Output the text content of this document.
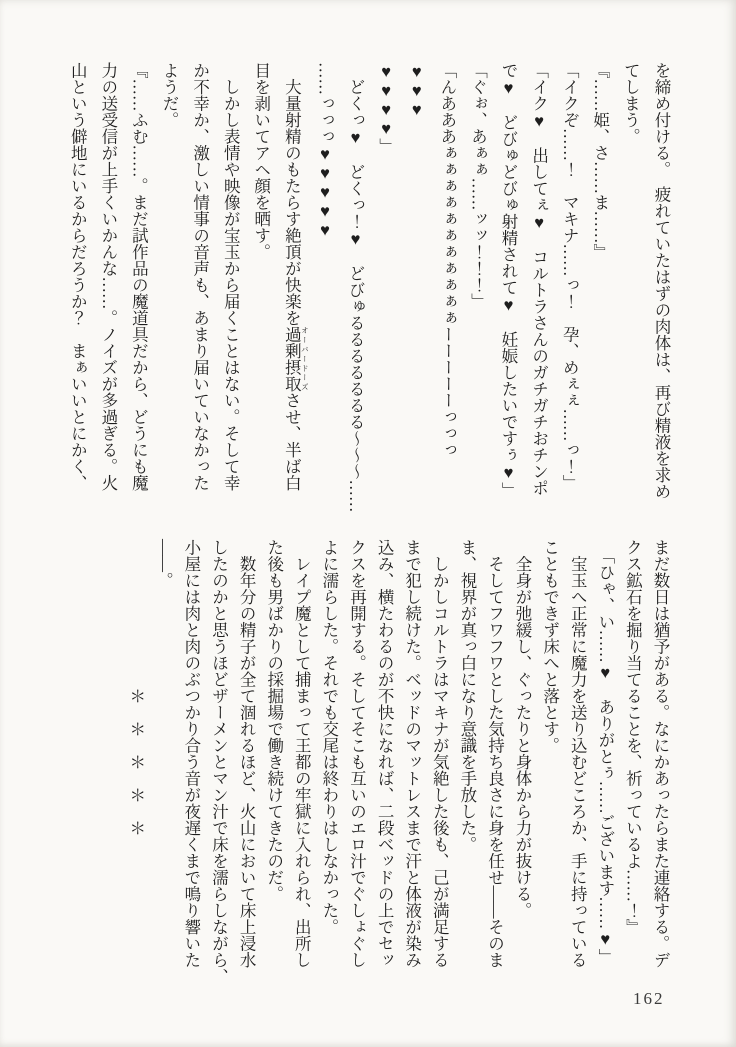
を締め付ける。　疲れていたはずの肉体は、再び精液を求め

てしまう。

『……姫、さ……ま……』

「イクぞ……！　マキナ……っ！　孕、めぇぇ……っ！」

「イク♥　出してぇ♥　コルトラさんのガチガチおチンポ

で♥　どびゅどびゅ射精されて♥　妊娠したいですぅ♥」

「ぐぉ、あぁぁ……ッッ！！！」

「んあああぁぁぁぁぁぁぁぁぁぁぁーーーーーっっっ♥♥♥

♥♥♥♥」

　どくっ♥　どくっ！♥　どびゅるるるるるるる〜〜〜……

……っっっ♥♥♥♥♥

　大量射精のもたらす絶頂が快楽を過剰摂取 オーバードーズさせ、半ば白

目を剥いてアヘ顔を晒す。

　しかし表情や映像が宝玉から届くことはない。そして幸

か不幸か、激しい情事の音声も、あまり届いていなかった

ようだ。

『……ふむ……。まだ試作品の魔道具だから、どうにも魔

力の送受信が上手くいかんな……。ノイズが多過ぎる。火

山という僻地にいるからだろうか？　まぁいいとにかく、

まだ数日は猶予がある。なにかあったらまた連絡する。デ

クス鉱石を掘り当てることを、祈っているよ……！』

　「ひゃ、い……♥　ありがとぅ……ございます……♥」

　宝玉へ正常に魔力を送り込むどころか、手に持っている

こともできず床へと落とす。

　全身が弛緩し、ぐったりと身体から力が抜ける。

　そしてフワフワとした気持ち良さに身を任せ——そのま

ま、視界が真っ白になり意識を手放した。

　しかしコルトラはマキナが気絶した後も、己が満足する

まで犯し続けた。ベッドのマットレスまで汗と体液が染み

込み、横たわるのが不快になれば、二段ベッドの上でセッ

クスを再開する。そしてそこも互いのエロ汁でぐしょぐし

よに濡らした。それでも交尾は終わりはしなかった。

　レイプ魔として捕まって王都の牢獄に入れられ、出所し

た後も男ばかりの採掘場で働き続けてきたのだ。

　数年分の精子が全て涸れるほど、火山において床上浸水

したのかと思うほどザーメンとマン汁で床を濡らしながら、

小屋には肉と肉のぶつかり合う音が夜遅くまで鳴り響いた

——。

　　　　　　　　　＊　＊　＊　＊　＊

162
